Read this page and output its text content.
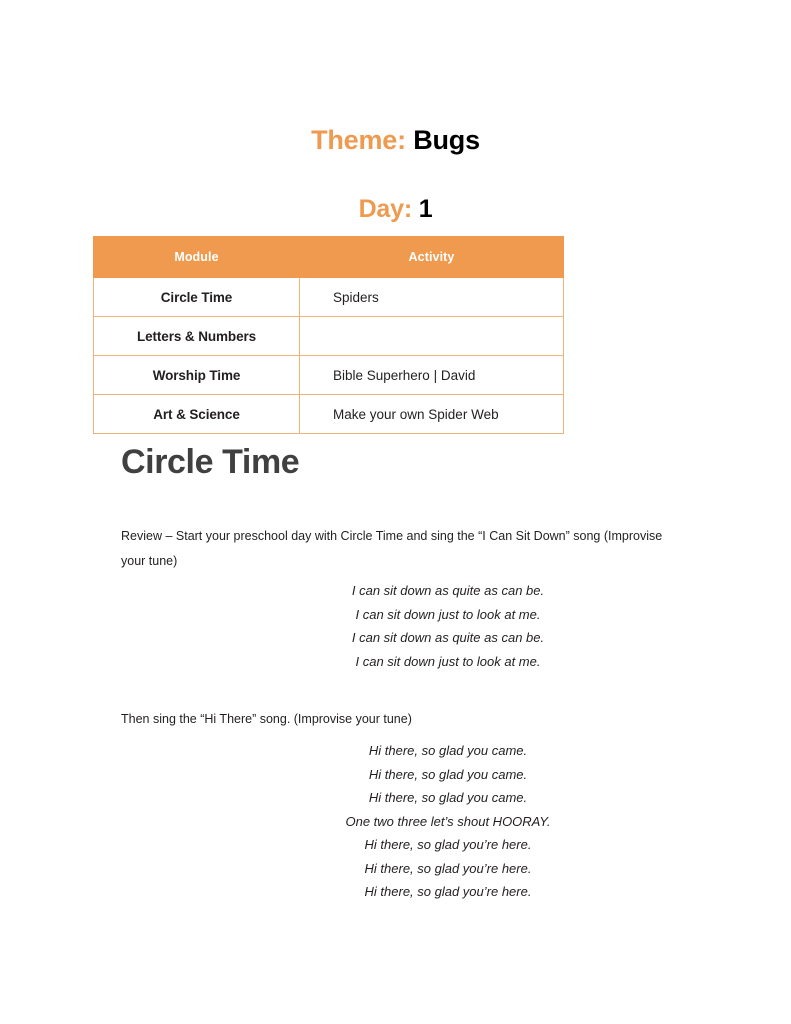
Theme: Bugs
Day: 1
Module	Activity
Circle Time	Spiders
Letters & Numbers	
Worship Time	Bible Superhero | David
Art & Science	Make your own Spider Web
Circle Time
Review – Start your preschool day with Circle Time and sing the “I Can Sit Down” song (Improvise your tune)
I can sit down as quite as can be.
I can sit down just to look at me.
I can sit down as quite as can be.
I can sit down just to look at me.
Then sing the “Hi There” song. (Improvise your tune)
Hi there, so glad you came.
Hi there, so glad you came.
Hi there, so glad you came.
One two three let’s shout HOORAY.
Hi there, so glad you’re here.
Hi there, so glad you’re here.
Hi there, so glad you’re here.
